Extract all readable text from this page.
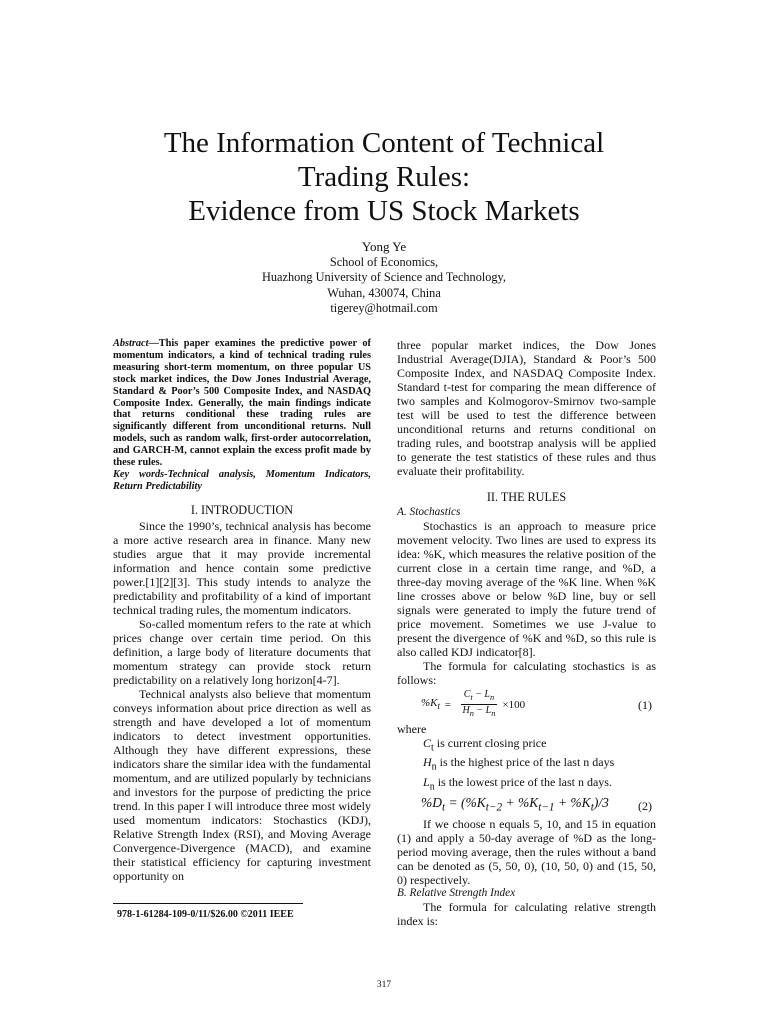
The Information Content of Technical
Trading Rules:
Evidence from US Stock Markets
Yong Ye
School of Economics,
Huazhong University of Science and Technology,
Wuhan, 430074, China
tigerey@hotmail.com

Abstract—This paper examines the predictive power of momentum indicators, a kind of technical trading rules measuring short-term momentum, on three popular US stock market indices, the Dow Jones Industrial Average, Standard & Poor’s 500 Composite Index, and NASDAQ Composite Index. Generally, the main findings indicate that returns conditional these trading rules are significantly different from unconditional returns. Null models, such as random walk, first-order autocorrelation, and GARCH-M, cannot explain the excess profit made by these rules.

Key words-Technical analysis, Momentum Indicators, Return Predictability

I. INTRODUCTION

Since the 1990’s, technical analysis has become a more active research area in finance. Many new studies argue that it may provide incremental information and hence contain some predictive power.[1][2][3]. This study intends to analyze the predictability and profitability of a kind of important technical trading rules, the momentum indicators.

So-called momentum refers to the rate at which prices change over certain time period. On this definition, a large body of literature documents that momentum strategy can provide stock return predictability on a relatively long horizon[4-7].

Technical analysts also believe that momentum conveys information about price direction as well as strength and have developed a lot of momentum indicators to detect investment opportunities. Although they have different expressions, these indicators share the similar idea with the fundamental momentum, and are utilized popularly by technicians and investors for the purpose of predicting the price trend. In this paper I will introduce three most widely used momentum indicators: Stochastics (KDJ), Relative Strength Index (RSI), and Moving Average Convergence-Divergence (MACD), and examine their statistical efficiency for capturing investment opportunity on

three popular market indices, the Dow Jones Industrial Average(DJIA), Standard & Poor’s 500 Composite Index, and NASDAQ Composite Index. Standard t-test for comparing the mean difference of two samples and Kolmogorov-Smirnov two-sample test will be used to test the difference between unconditional returns and returns conditional on trading rules, and bootstrap analysis will be applied to generate the test statistics of these rules and thus evaluate their profitability.

II. THE RULES
A. Stochastics

Stochastics is an approach to measure price movement velocity. Two lines are used to express its idea: %K, which measures the relative position of the current close in a certain time range, and %D, a three-day moving average of the %K line. When %K line crosses above or below %D line, buy or sell signals were generated to imply the future trend of price movement. Sometimes we use J-value to present the divergence of %K and %D, so this rule is also called KDJ indicator[8].

The formula for calculating stochastics is as follows:

$\%K_t = \frac{C_t - L_n}{H_n - L_n} \times 100$	(1)
where
$C_t$ is current closing price
$H_n$ is the highest price of the last n days
$L_n$ is the lowest price of the last n days.
$\%D_t = (\%K_{t-2} + \%K_{t-1} + \%K_t)/3$ (2)

If we choose n equals 5, 10, and 15 in equation (1) and apply a 50-day average of %D as the long-period moving average, then the rules without a band can be denoted as (5, 50, 0), (10, 50, 0) and (15, 50, 0) respectively.

B. Relative Strength Index

The formula for calculating relative strength index is:

978-1-61284-109-0/11/$26.00 ©2011 IEEE
317
